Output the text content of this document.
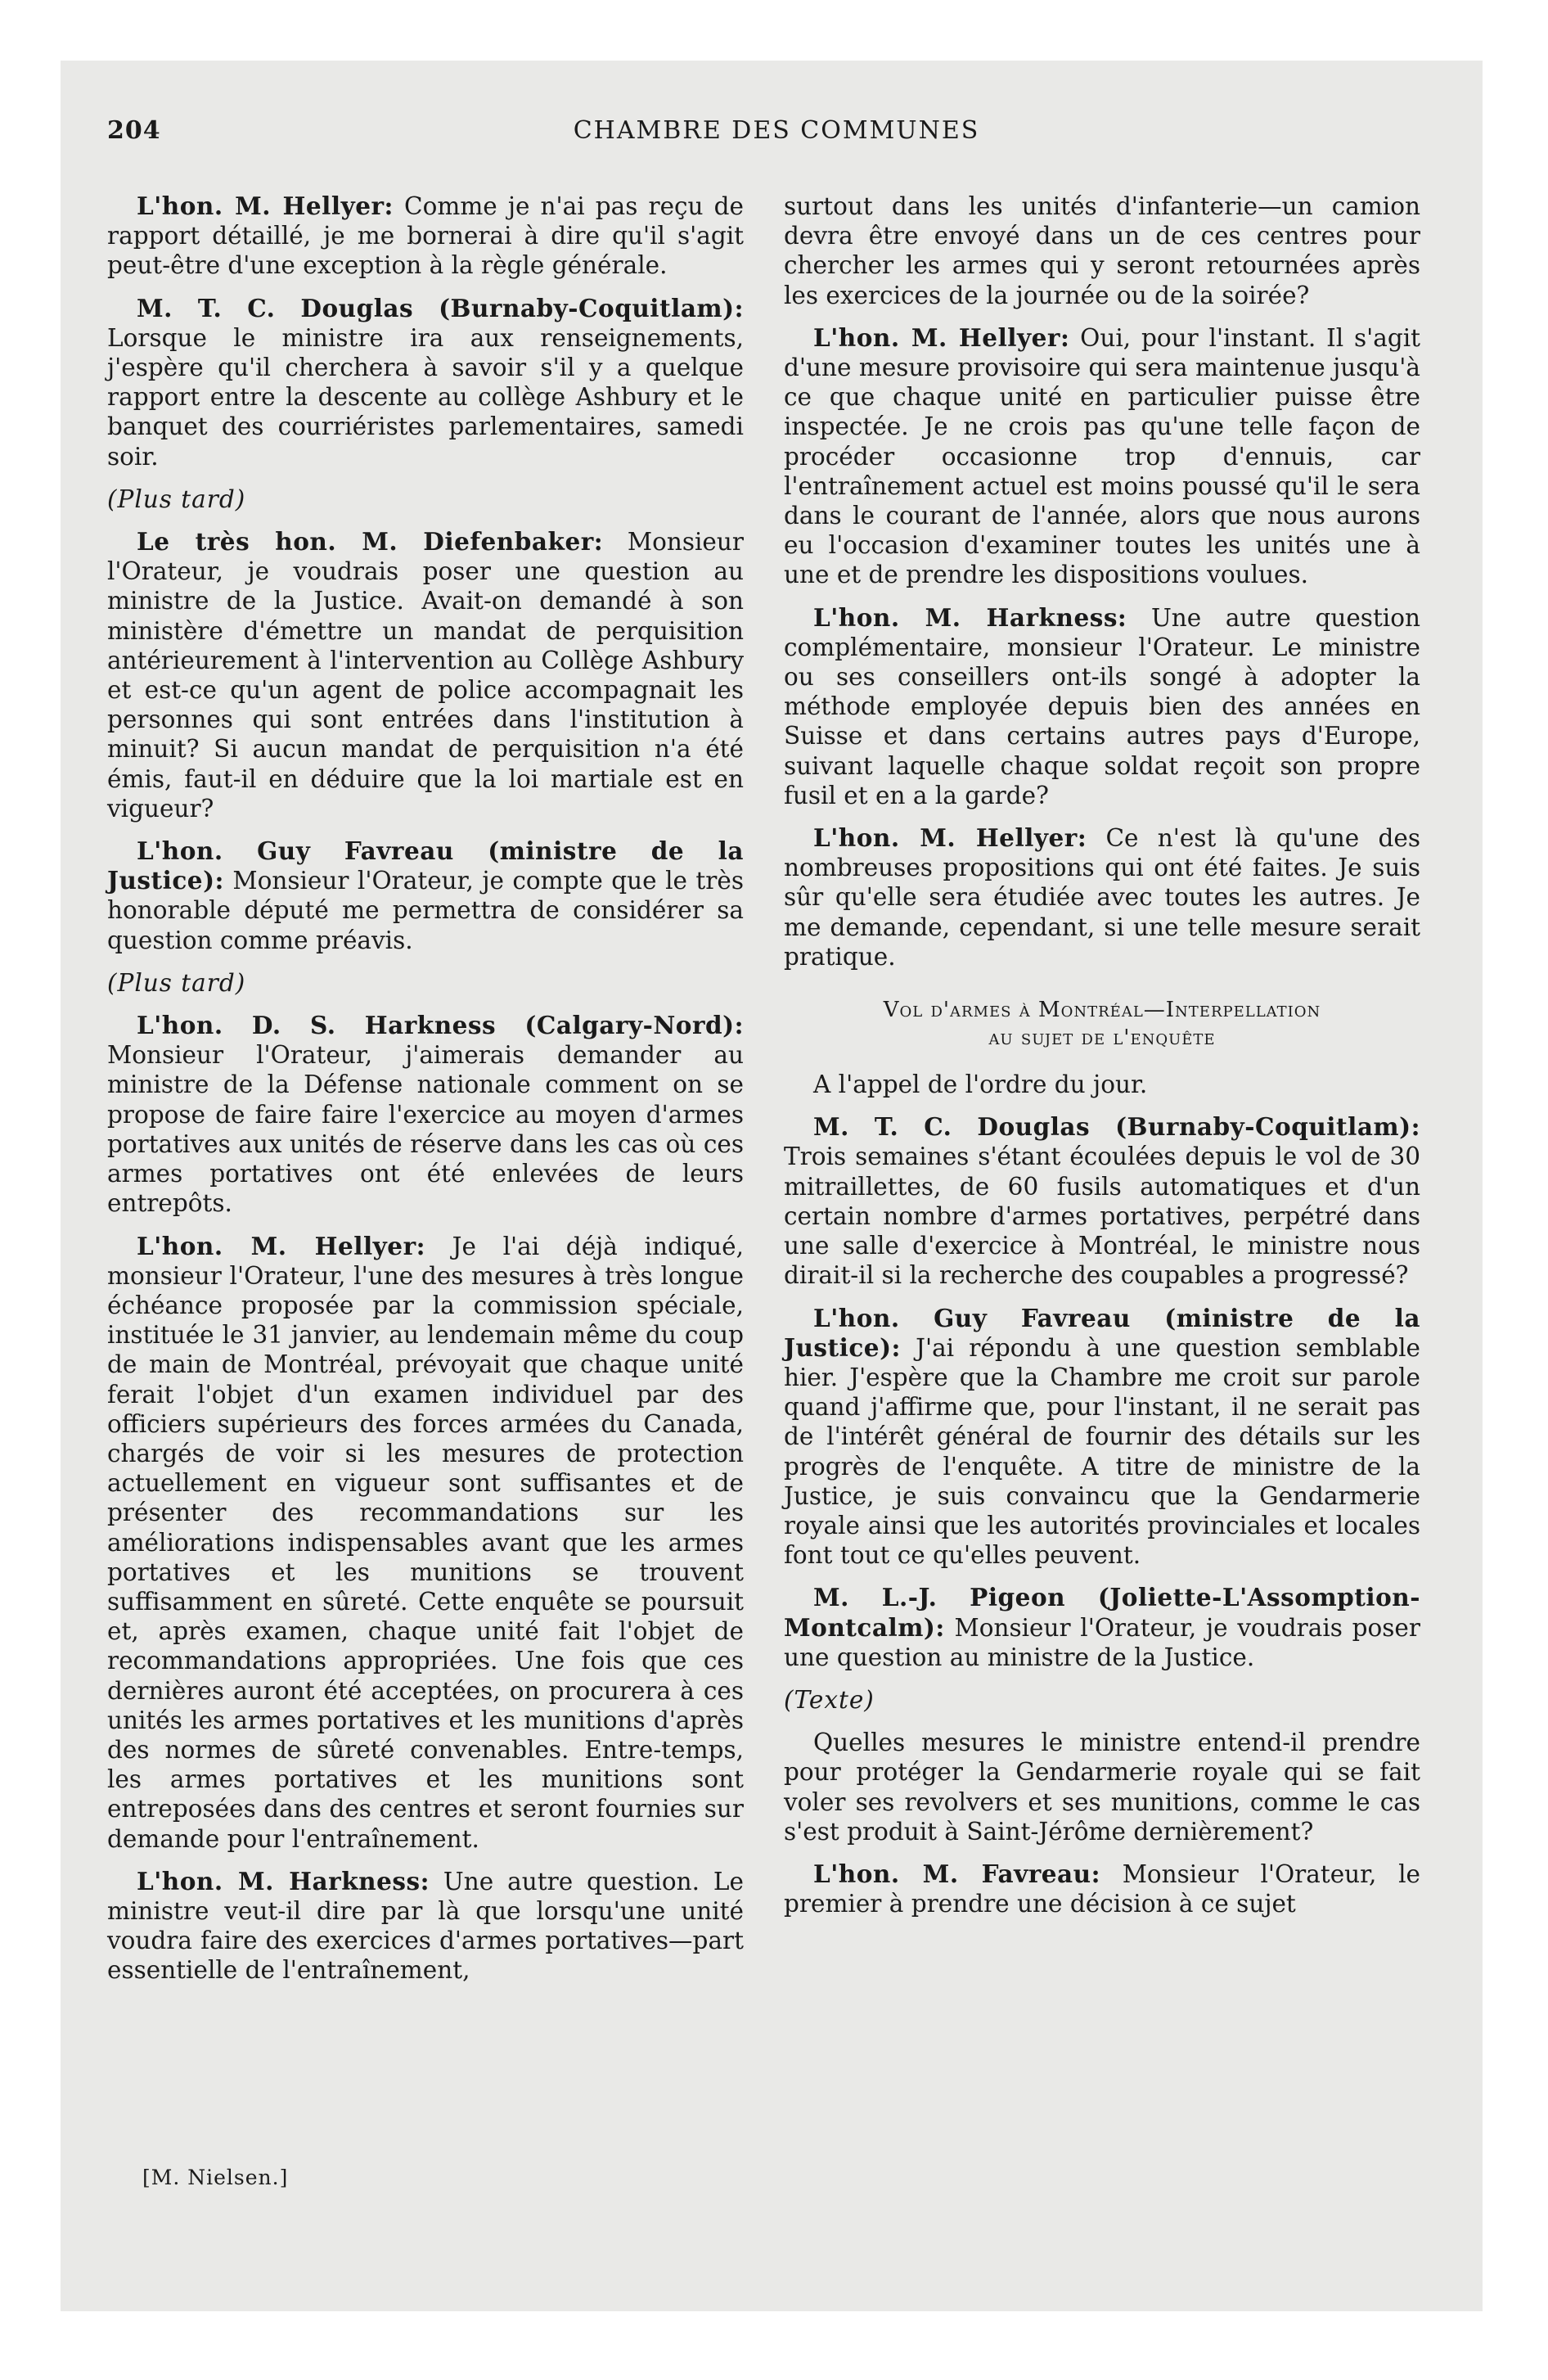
204	CHAMBRE DES COMMUNES

L'hon. M. Hellyer: Comme je n'ai pas reçu de rapport détaillé, je me bornerai à dire qu'il s'agit peut-être d'une exception à la règle générale.

M. T. C. Douglas (Burnaby-Coquitlam): Lorsque le ministre ira aux renseignements, j'espère qu'il cherchera à savoir s'il y a quelque rapport entre la descente au collège Ashbury et le banquet des courriéristes parlementaires, samedi soir.

(Plus tard)

Le très hon. M. Diefenbaker: Monsieur l'Orateur, je voudrais poser une question au ministre de la Justice. Avait-on demandé à son ministère d'émettre un mandat de perquisition antérieurement à l'intervention au Collège Ashbury et est-ce qu'un agent de police accompagnait les personnes qui sont entrées dans l'institution à minuit? Si aucun mandat de perquisition n'a été émis, faut-il en déduire que la loi martiale est en vigueur?

L'hon. Guy Favreau (ministre de la Justice): Monsieur l'Orateur, je compte que le très honorable député me permettra de considérer sa question comme préavis.

(Plus tard)

L'hon. D. S. Harkness (Calgary-Nord): Monsieur l'Orateur, j'aimerais demander au ministre de la Défense nationale comment on se propose de faire faire l'exercice au moyen d'armes portatives aux unités de réserve dans les cas où ces armes portatives ont été enlevées de leurs entrepôts.

L'hon. M. Hellyer: Je l'ai déjà indiqué, monsieur l'Orateur, l'une des mesures à très longue échéance proposée par la commission spéciale, instituée le 31 janvier, au lendemain même du coup de main de Montréal, prévoyait que chaque unité ferait l'objet d'un examen individuel par des officiers supérieurs des forces armées du Canada, chargés de voir si les mesures de protection actuellement en vigueur sont suffisantes et de présenter des recommandations sur les améliorations indispensables avant que les armes portatives et les munitions se trouvent suffisamment en sûreté. Cette enquête se poursuit et, après examen, chaque unité fait l'objet de recommandations appropriées. Une fois que ces dernières auront été acceptées, on procurera à ces unités les armes portatives et les munitions d'après des normes de sûreté convenables. Entre-temps, les armes portatives et les munitions sont entreposées dans des centres et seront fournies sur demande pour l'entraînement.

L'hon. M. Harkness: Une autre question. Le ministre veut-il dire par là que lorsqu'une unité voudra faire des exercices d'armes portatives—part essentielle de l'entraînement,

surtout dans les unités d'infanterie—un camion devra être envoyé dans un de ces centres pour chercher les armes qui y seront retournées après les exercices de la journée ou de la soirée?

L'hon. M. Hellyer: Oui, pour l'instant. Il s'agit d'une mesure provisoire qui sera maintenue jusqu'à ce que chaque unité en particulier puisse être inspectée. Je ne crois pas qu'une telle façon de procéder occasionne trop d'ennuis, car l'entraînement actuel est moins poussé qu'il le sera dans le courant de l'année, alors que nous aurons eu l'occasion d'examiner toutes les unités une à une et de prendre les dispositions voulues.

L'hon. M. Harkness: Une autre question complémentaire, monsieur l'Orateur. Le ministre ou ses conseillers ont-ils songé à adopter la méthode employée depuis bien des années en Suisse et dans certains autres pays d'Europe, suivant laquelle chaque soldat reçoit son propre fusil et en a la garde?

L'hon. M. Hellyer: Ce n'est là qu'une des nombreuses propositions qui ont été faites. Je suis sûr qu'elle sera étudiée avec toutes les autres. Je me demande, cependant, si une telle mesure serait pratique.

Vol d'armes à Montréal—Interpellation
au sujet de l'enquête

A l'appel de l'ordre du jour.

M. T. C. Douglas (Burnaby-Coquitlam): Trois semaines s'étant écoulées depuis le vol de 30 mitraillettes, de 60 fusils automatiques et d'un certain nombre d'armes portatives, perpétré dans une salle d'exercice à Montréal, le ministre nous dirait-il si la recherche des coupables a progressé?

L'hon. Guy Favreau (ministre de la Justice): J'ai répondu à une question semblable hier. J'espère que la Chambre me croit sur parole quand j'affirme que, pour l'instant, il ne serait pas de l'intérêt général de fournir des détails sur les progrès de l'enquête. A titre de ministre de la Justice, je suis convaincu que la Gendarmerie royale ainsi que les autorités provinciales et locales font tout ce qu'elles peuvent.

M. L.-J. Pigeon (Joliette-L'Assomption-Montcalm): Monsieur l'Orateur, je voudrais poser une question au ministre de la Justice.

(Texte)

Quelles mesures le ministre entend-il prendre pour protéger la Gendarmerie royale qui se fait voler ses revolvers et ses munitions, comme le cas s'est produit à Saint-Jérôme dernièrement?

L'hon. M. Favreau: Monsieur l'Orateur, le premier à prendre une décision à ce sujet

[M. Nielsen.]
